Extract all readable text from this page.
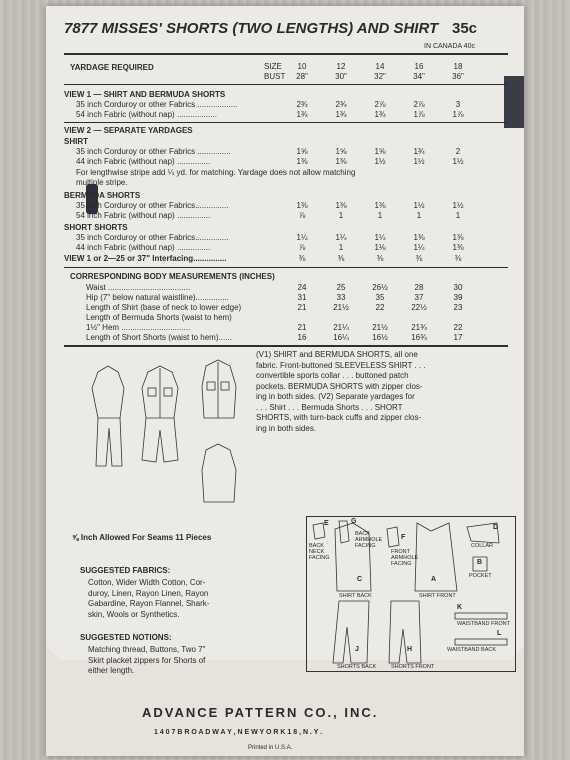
7877 MISSES' SHORTS (TWO LENGTHS) AND SHIRT 35c
IN CANADA 40c
YARDAGE REQUIRED	SIZE
BUST
10	12	14	16	18
28"	30"	32"	34"	36"
VIEW 1 — SHIRT AND BERMUDA SHORTS
35 inch Corduroy or other Fabrics ..................	2¾	2¾	2⅞	2⅞	3
54 inch Fabric (without nap) ..................	1¾	1¾	1¾	1⅞	1⅞
VIEW 2 — SEPARATE YARDAGES
SHIRT
35 inch Corduroy or other Fabrics ...............	1⅝	1⅝	1⅝	1¾	2
44 inch Fabric (without nap) ...............	1⅜	1⅜	1½	1½	1½
For lengthwise stripe add ¼ yd. for matching. Yardage does not allow matching
multiple stripe.
BERMUDA SHORTS
35 inch Corduroy or other Fabrics...............	1⅜	1⅜	1⅜	1½	1½
54 inch Fabric (without nap) ...............	⅞	1	1	1	1
SHORT SHORTS
35 inch Corduroy or other Fabrics...............	1¼	1¼	1¼	1⅜	1⅜
44 inch Fabric (without nap) ...............	⅞	1	1⅛	1¼	1⅜
VIEW 1 or 2—25 or 37" Interfacing...............	⅜	⅜	⅜	⅜	⅜
CORRESPONDING BODY MEASUREMENTS (INCHES)
Waist .....................................	24	25	26½	28	30
Hip (7" below natural waistline)...............	31	33	35	37	39
Length of Shirt (base of neck to lower edge)	21	21½	22	22½	23
Length of Bermuda Shorts (waist to hem)
1½" Hem ...............................	21	21¼	21½	21¾	22
Length of Short Shorts (waist to hem)......	16	16¼	16½	16¾	17
(V1) SHIRT and BERMUDA SHORTS, all one
fabric. Front-buttoned SLEEVELESS SHIRT . . .
convertible sports collar . . . buttoned patch
pockets. BERMUDA SHORTS with zipper clos-
ing in both sides. (V2) Separate yardages for
. . . Shirt . . . Bermuda Shorts . . . SHORT
SHORTS, with turn-back cuffs and zipper clos-
ing in both sides.
⅝ Inch Allowed For Seams 11 Pieces
SUGGESTED FABRICS:
Cotton, Wider Width Cotton, Cor-
duroy, Linen, Rayon Linen, Rayon
Gabardine, Rayon Flannel, Shark-
skin, Wools or Synthetics.
SUGGESTED NOTIONS:
Matching thread, Buttons, Two 7"
Skirt placket zippers for Shorts of
either length.
E
BACK NECK FACING
G
BACK ARMHOLE FACING
F
FRONT ARMHOLE FACING
C
SHIRT BACK
A
SHIRT FRONT
D
COLLAR
B
POCKET
K
WAISTBAND FRONT
L
WAISTBAND BACK
J
SHORTS BACK
H
SHORTS FRONT
ADVANCE PATTERN CO., INC.
1 4 0 7 B R O A D W A Y , N E W Y O R K 1 8 , N . Y .
Printed in U.S.A.
